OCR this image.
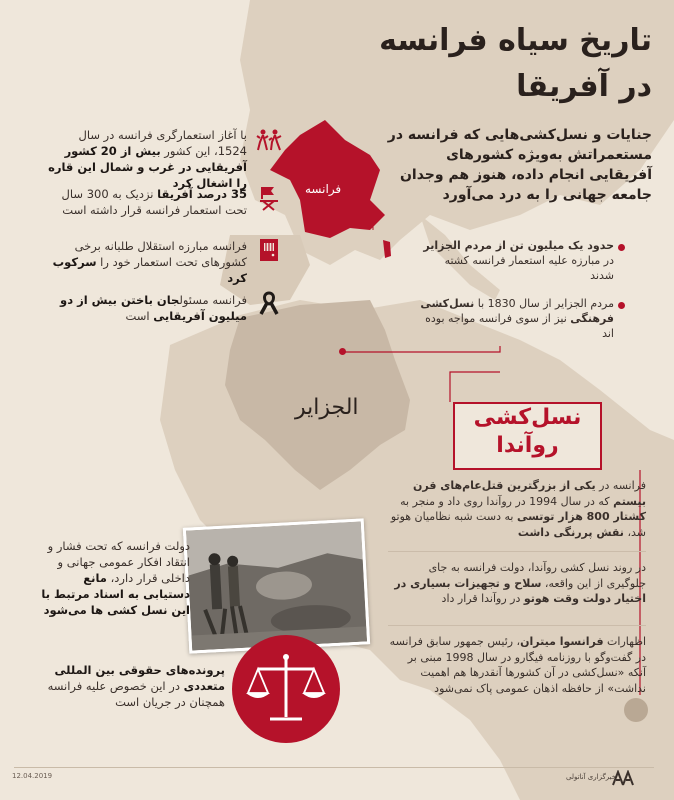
تاریخ سیاه فرانسه
در آفریقا
جنایات و نسل‌کشی‌هایی که فرانسه در مستعمراتش به‌ویژه کشورهای آفریقایی انجام داده، هنوز هم وجدان جامعه جهانی را به درد می‌آورد
فرانسه
الجزایر
با آغاز استعمارگری فرانسه در سال 1524، این کشور بیش از 20 کشور آفریقایی در غرب و شمال این قاره را اشغال کرد
35 درصد آفریقا نزدیک به 300 سال تحت استعمار فرانسه قرار داشته است
فرانسه مبارزه استقلال طلبانه برخی کشورهای تحت استعمار خود را سرکوب کرد
فرانسه مسئولجان باختن بیش از دو میلیون آفریقایی است
حدود یک میلیون تن از مردم الجزایر در مبارزه علیه استعمار فرانسه کشته شدند
مردم الجزایر از سال 1830 با نسل‌کشی فرهنگی نیز از سوی فرانسه مواجه بوده اند
نسل‌کشی
روآندا
فرانسه در یکی از بزرگترین قتل‌عام‌های قرن بیستم که در سال 1994 در روآندا روی داد و منجر به کشتار 800 هزار توتسی به دست شبه نظامیان هوتو شد، نقش پررنگی داشت
در روند نسل کشی روآندا، دولت فرانسه به جای جلوگیری از این واقعه، سلاح و تجهیزات بسیاری در اختیار دولت وقت هوتو در روآندا قرار داد
اظهارات فرانسوا میتران، رئیس جمهور سابق فرانسه در گفت‌وگو با روزنامه فیگارو در سال 1998 مبنی بر آنکه «نسل‌کشی در آن کشورها آنقدرها هم اهمیت نداشت» از حافظه اذهان عمومی پاک نمی‌شود
دولت فرانسه که تحت فشار و انتقاد افکار عمومی جهانی و داخلی قرار دارد، مانع دستیابی به اسناد مرتبط با این نسل کشی ها می‌شود
پرونده‌های حقوقی بین المللی متعددی در این خصوص علیه فرانسه همچنان در جریان است
12.04.2019	خبرگزاری آناتولی
